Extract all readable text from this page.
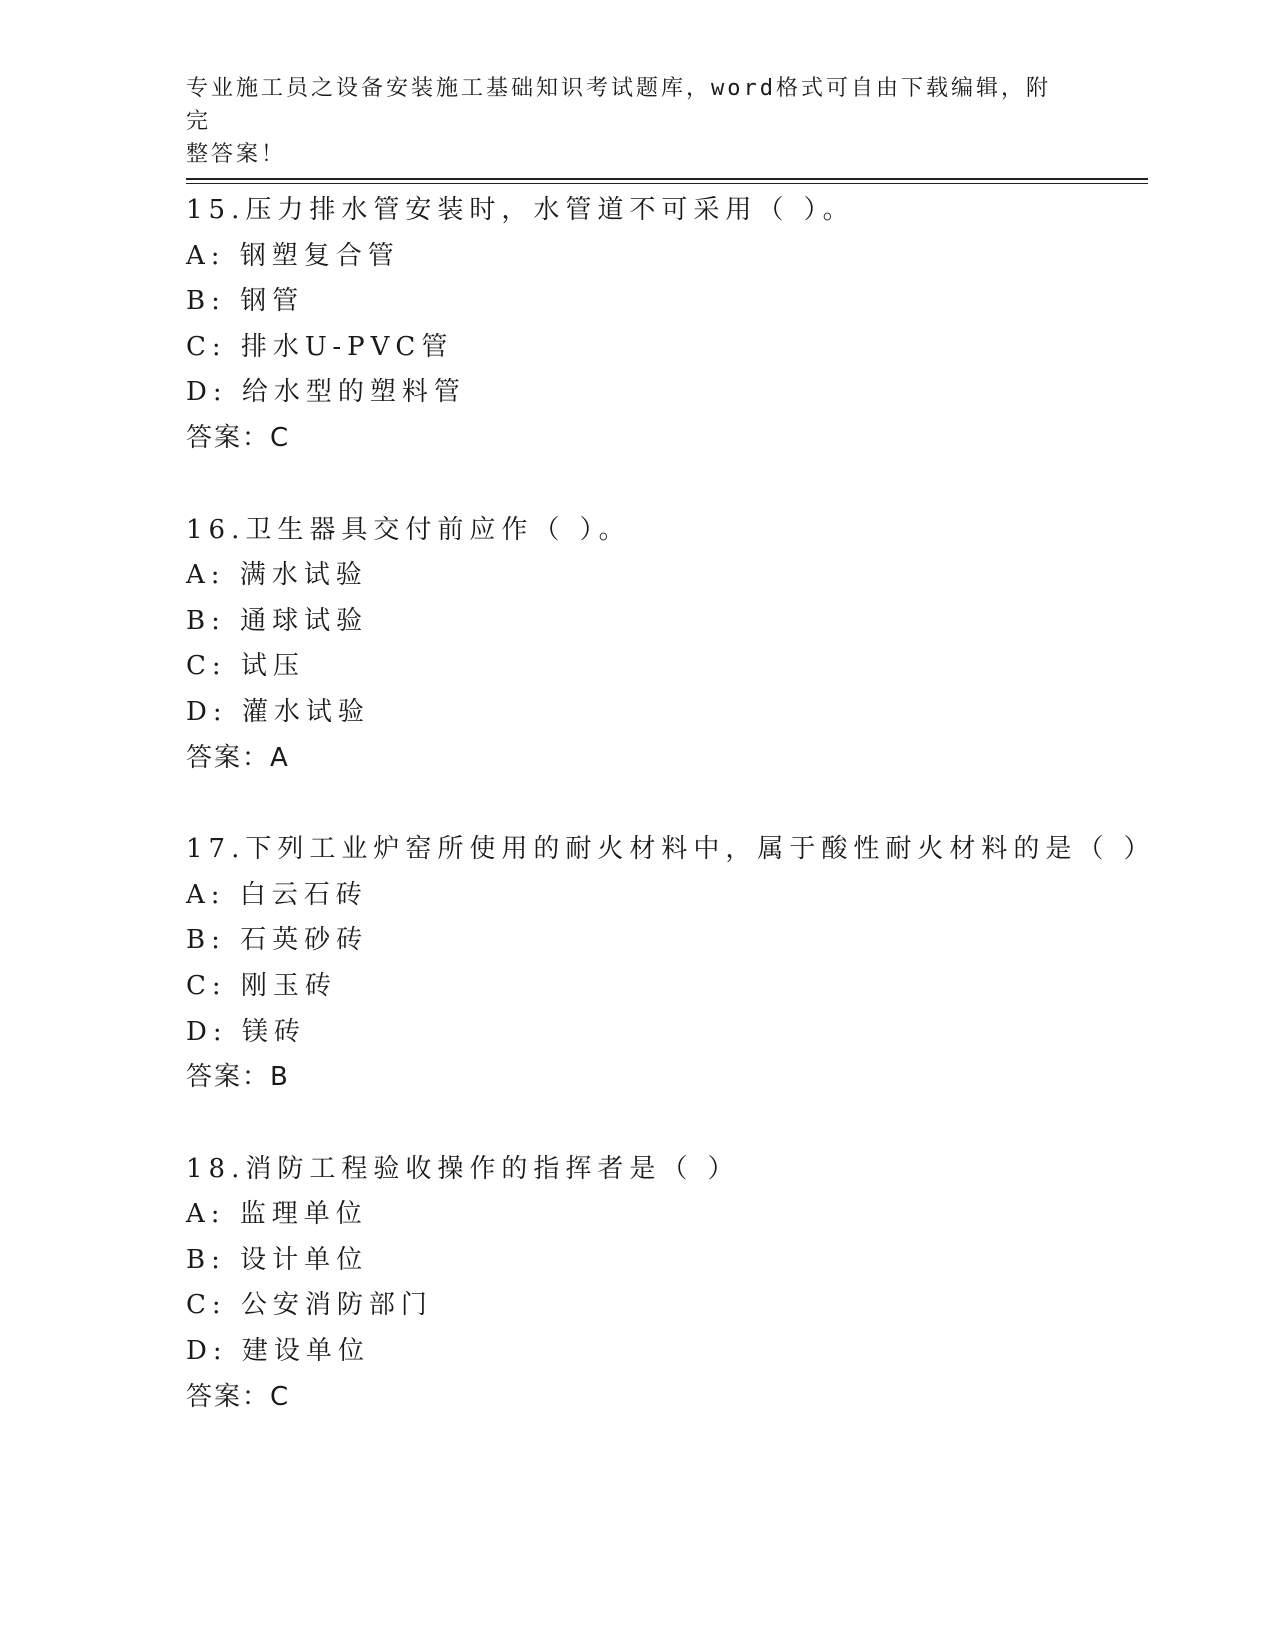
专业施工员之设备安装施工基础知识考试题库，word格式可自由下载编辑，附完
整答案！
15.压力排水管安装时，水管道不可采用（ ）。
A: 钢塑复合管
B: 钢管
C: 排水U-PVC管
D: 给水型的塑料管
答案：C
16.卫生器具交付前应作（ ）。
A: 满水试验
B: 通球试验
C: 试压
D: 灌水试验
答案：A
17.下列工业炉窑所使用的耐火材料中，属于酸性耐火材料的是（ ）
A: 白云石砖
B: 石英砂砖
C: 刚玉砖
D: 镁砖
答案：B
18.消防工程验收操作的指挥者是（ ）
A: 监理单位
B: 设计单位
C: 公安消防部门
D: 建设单位
答案：C
